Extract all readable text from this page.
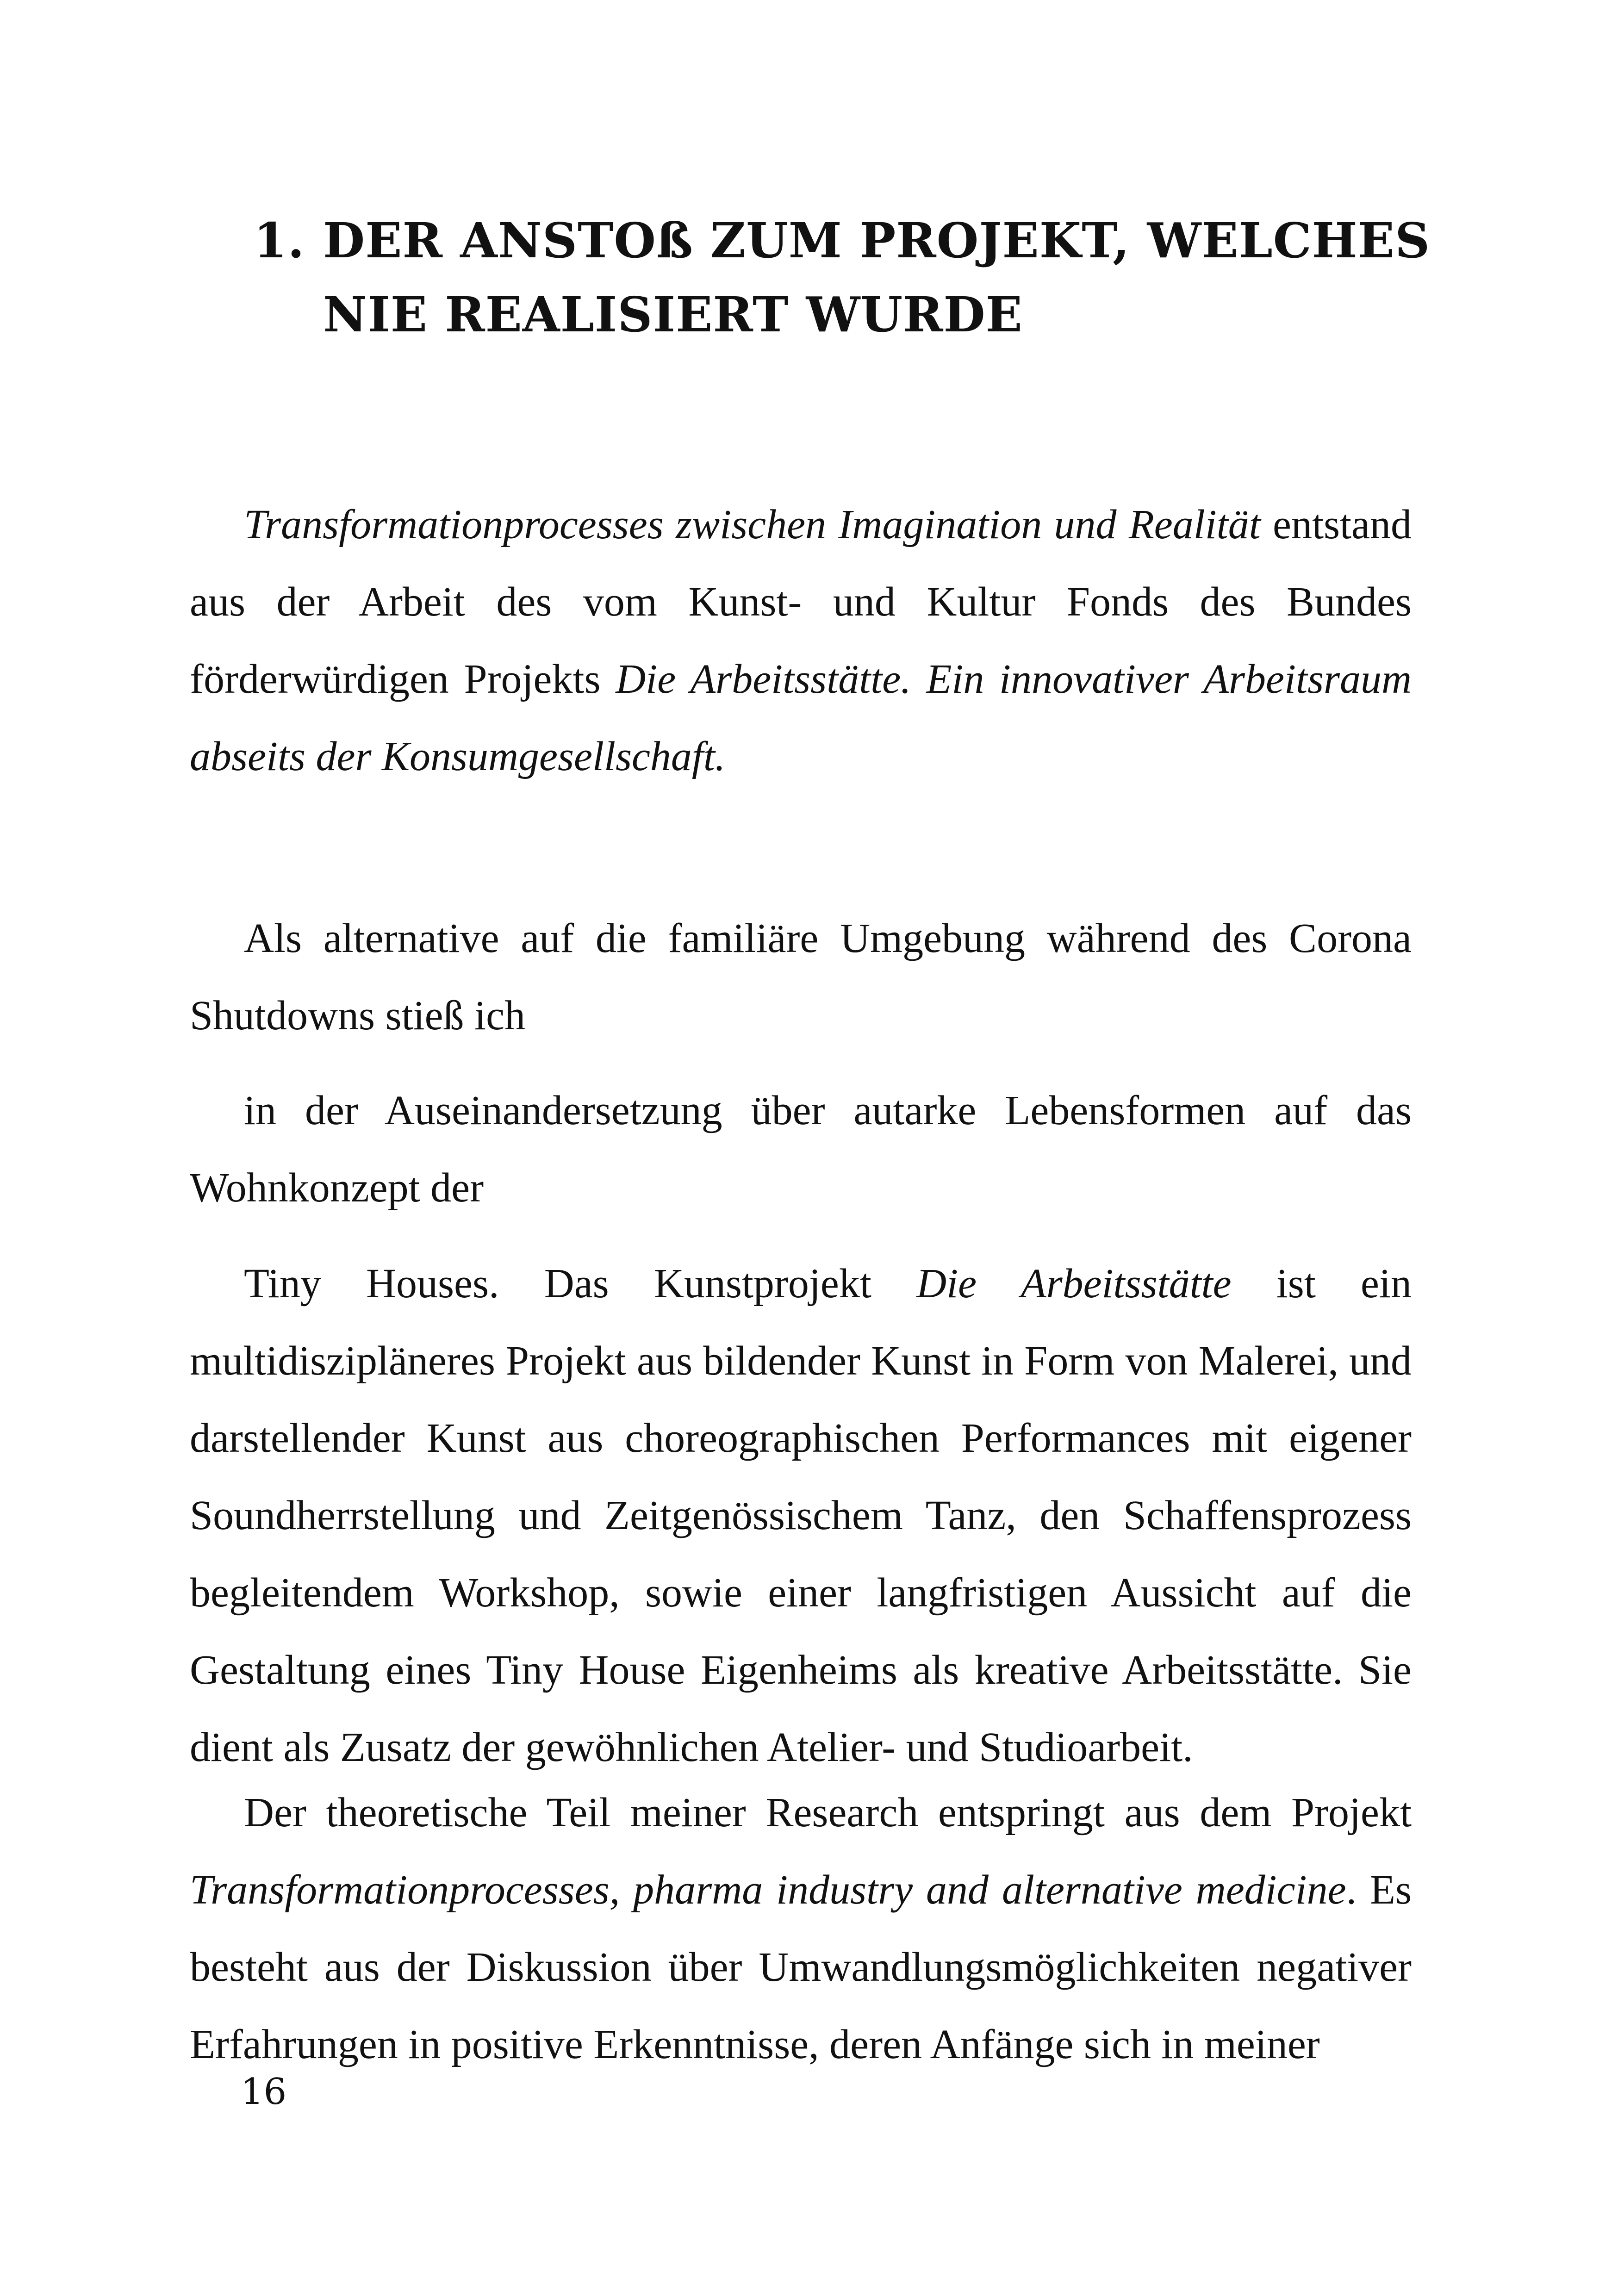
1. DER ANSTOß ZUM PROJEKT, WELCHES NIE REALISIERT WURDE

Transformationprocesses zwischen Imagination und Realität entstand aus der Arbeit des vom Kunst- und Kultur Fonds des Bundes förderwürdigen Projekts Die Arbeitsstätte. Ein innovativer Arbeitsraum abseits der Konsumgesellschaft.

Als alternative auf die familiäre Umgebung während des Corona Shutdowns stieß ich

in der Auseinandersetzung über autarke Lebensformen auf das Wohnkonzept der

Tiny Houses. Das Kunstprojekt Die Arbeitsstätte ist ein multidiszipläneres Projekt aus bildender Kunst in Form von Malerei, und darstellender Kunst aus choreographischen Performances mit eigener Soundherrstellung und Zeitgenössischem Tanz, den Schaffensprozess begleitendem Workshop, sowie einer langfristigen Aussicht auf die Gestaltung eines Tiny House Eigenheims als kreative Arbeitsstätte. Sie dient als Zusatz der gewöhnlichen Atelier- und Studioarbeit.

Der theoretische Teil meiner Research entspringt aus dem Projekt Transformationprocesses, pharma industry and alternative medicine. Es besteht aus der Diskussion über Umwandlungsmöglichkeiten negativer Erfahrungen in positive Erkenntnisse, deren Anfänge sich in meiner

16
